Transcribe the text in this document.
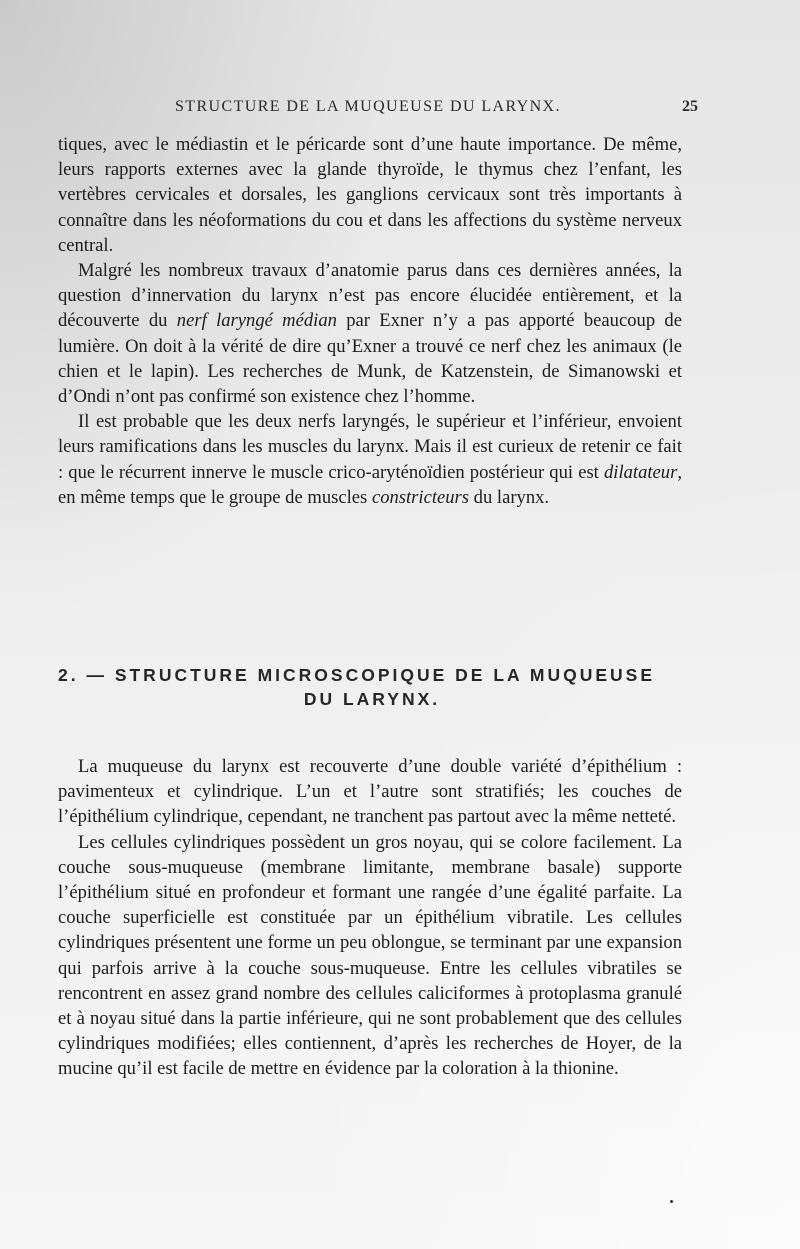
STRUCTURE DE LA MUQUEUSE DU LARYNX.	25

tiques, avec le médiastin et le péricarde sont d’une haute importance. De même, leurs rapports externes avec la glande thyroïde, le thymus chez l’enfant, les vertèbres cervicales et dorsales, les ganglions cervicaux sont très importants à connaître dans les néoformations du cou et dans les affections du système nerveux central.

Malgré les nombreux travaux d’anatomie parus dans ces dernières années, la question d’innervation du larynx n’est pas encore élucidée entièrement, et la découverte du nerf laryngé médian par Exner n’y a pas apporté beaucoup de lumière. On doit à la vérité de dire qu’Exner a trouvé ce nerf chez les animaux (le chien et le lapin). Les recherches de Munk, de Katzenstein, de Simanowski et d’Ondi n’ont pas confirmé son existence chez l’homme.

Il est probable que les deux nerfs laryngés, le supérieur et l’inférieur, envoient leurs ramifications dans les muscles du larynx. Mais il est curieux de retenir ce fait : que le récurrent innerve le muscle crico-aryténoïdien postérieur qui est dilatateur, en même temps que le groupe de muscles constricteurs du larynx.

2. — STRUCTURE MICROSCOPIQUE DE LA MUQUEUSE
DU LARYNX.

La muqueuse du larynx est recouverte d’une double variété d’épithélium : pavimenteux et cylindrique. L’un et l’autre sont stratifiés; les couches de l’épithélium cylindrique, cependant, ne tranchent pas partout avec la même netteté.

Les cellules cylindriques possèdent un gros noyau, qui se colore facilement. La couche sous-muqueuse (membrane limitante, membrane basale) supporte l’épithélium situé en profondeur et formant une rangée d’une égalité parfaite. La couche superficielle est constituée par un épithélium vibratile. Les cellules cylindriques présentent une forme un peu oblongue, se terminant par une expansion qui parfois arrive à la couche sous-muqueuse. Entre les cellules vibratiles se rencontrent en assez grand nombre des cellules caliciformes à protoplasma granulé et à noyau situé dans la partie inférieure, qui ne sont probablement que des cellules cylindriques modifiées; elles contiennent, d’après les recherches de Hoyer, de la mucine qu’il est facile de mettre en évidence par la coloration à la thionine.
